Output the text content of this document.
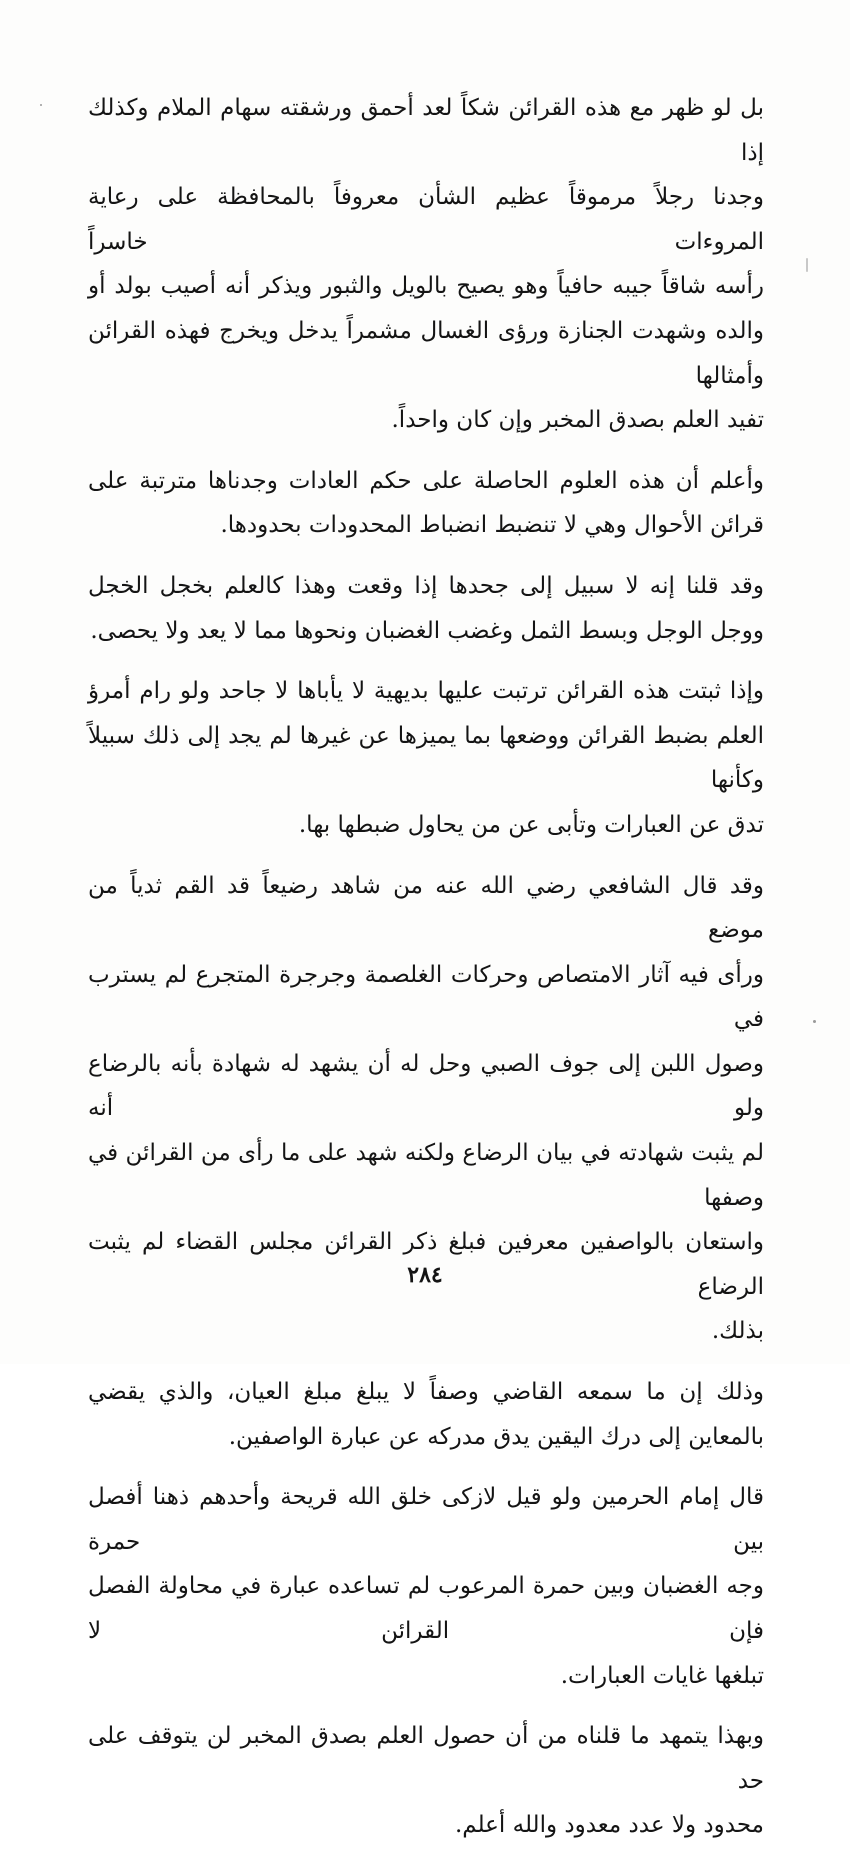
بل لو ظهر مع هذه القرائن شكاً لعد أحمق ورشقته سهام الملام وكذلك إذا
وجدنا رجلاً مرموقاً عظيم الشأن معروفاً بالمحافظة على رعاية المروءات خاسراً
رأسه شاقاً جيبه حافياً وهو يصيح بالويل والثبور ويذكر أنه أصيب بولد أو
والده وشهدت الجنازة ورؤى الغسال مشمراً يدخل ويخرج فهذه القرائن وأمثالها
تفيد العلم بصدق المخبر وإن كان واحداً.

وأعلم أن هذه العلوم الحاصلة على حكم العادات وجدناها مترتبة على
قرائن الأحوال وهي لا تنضبط انضباط المحدودات بحدودها.

وقد قلنا إنه لا سبيل إلى جحدها إذا وقعت وهذا كالعلم بخجل الخجل
ووجل الوجل وبسط الثمل وغضب الغضبان ونحوها مما لا يعد ولا يحصى.

وإذا ثبتت هذه القرائن ترتبت عليها بديهية لا يأباها لا جاحد ولو رام أمرؤ
العلم بضبط القرائن ووضعها بما يميزها عن غيرها لم يجد إلى ذلك سبيلاً وكأنها
تدق عن العبارات وتأبى عن من يحاول ضبطها بها.

وقد قال الشافعي رضي الله عنه من شاهد رضيعاً قد القم ثدياً من موضع
ورأى فيه آثار الامتصاص وحركات الغلصمة وجرجرة المتجرع لم يسترب في
وصول اللبن إلى جوف الصبي وحل له أن يشهد له شهادة بأنه بالرضاع ولو أنه
لم يثبت شهادته في بيان الرضاع ولكنه شهد على ما رأى من القرائن في وصفها
واستعان بالواصفين معرفين فبلغ ذكر القرائن مجلس القضاء لم يثبت الرضاع
بذلك.

وذلك إن ما سمعه القاضي وصفاً لا يبلغ مبلغ العيان، والذي يقضي
بالمعاين إلى درك اليقين يدق مدركه عن عبارة الواصفين.

قال إمام الحرمين ولو قيل لازكى خلق الله قريحة وأحدهم ذهنا أفصل بين حمرة
وجه الغضبان وبين حمرة المرعوب لم تساعده عبارة في محاولة الفصل فإن القرائن لا
تبلغها غايات العبارات.

وبهذا يتمهد ما قلناه من أن حصول العلم بصدق المخبر لن يتوقف على حد
محدود ولا عدد معدود والله أعلم.

٢٨٤
